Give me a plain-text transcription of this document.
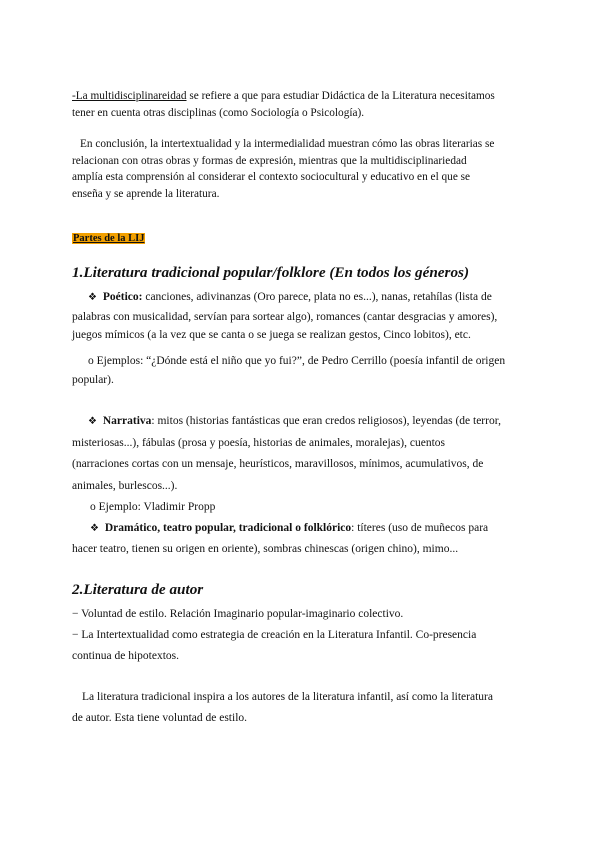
-La multidisciplinareidad se refiere a que para estudiar Didáctica de la Literatura necesitamos
tener en cuenta otras disciplinas (como Sociología o Psicología).
En conclusión, la intertextualidad y la intermedialidad muestran cómo las obras literarias se
relacionan con otras obras y formas de expresión, mientras que la multidisciplinariedad
amplía esta comprensión al considerar el contexto sociocultural y educativo en el que se
enseña y se aprende la literatura.
Partes de la LIJ
1.Literatura tradicional popular/folklore (En todos los géneros)
❖ Poético: canciones, adivinanzas (Oro parece, plata no es...), nanas, retahílas (lista de
palabras con musicalidad, servían para sortear algo), romances (cantar desgracias y amores),
juegos mímicos (a la vez que se canta o se juega se realizan gestos, Cinco lobitos), etc.
o Ejemplos: “¿Dónde está el niño que yo fui?”, de Pedro Cerrillo (poesía infantil de origen
popular).
❖ Narrativa: mitos (historias fantásticas que eran credos religiosos), leyendas (de terror,
misteriosas...), fábulas (prosa y poesía, historias de animales, moralejas), cuentos
(narraciones cortas con un mensaje, heurísticos, maravillosos, mínimos, acumulativos, de
animales, burlescos...).
o Ejemplo: Vladimir Propp
❖ Dramático, teatro popular, tradicional o folklórico: títeres (uso de muñecos para
hacer teatro, tienen su origen en oriente), sombras chinescas (origen chino), mimo...
2.Literatura de autor
− Voluntad de estilo. Relación Imaginario popular-imaginario colectivo.
− La Intertextualidad como estrategia de creación en la Literatura Infantil. Co-presencia
continua de hipotextos.
La literatura tradicional inspira a los autores de la literatura infantil, así como la literatura
de autor. Esta tiene voluntad de estilo.
